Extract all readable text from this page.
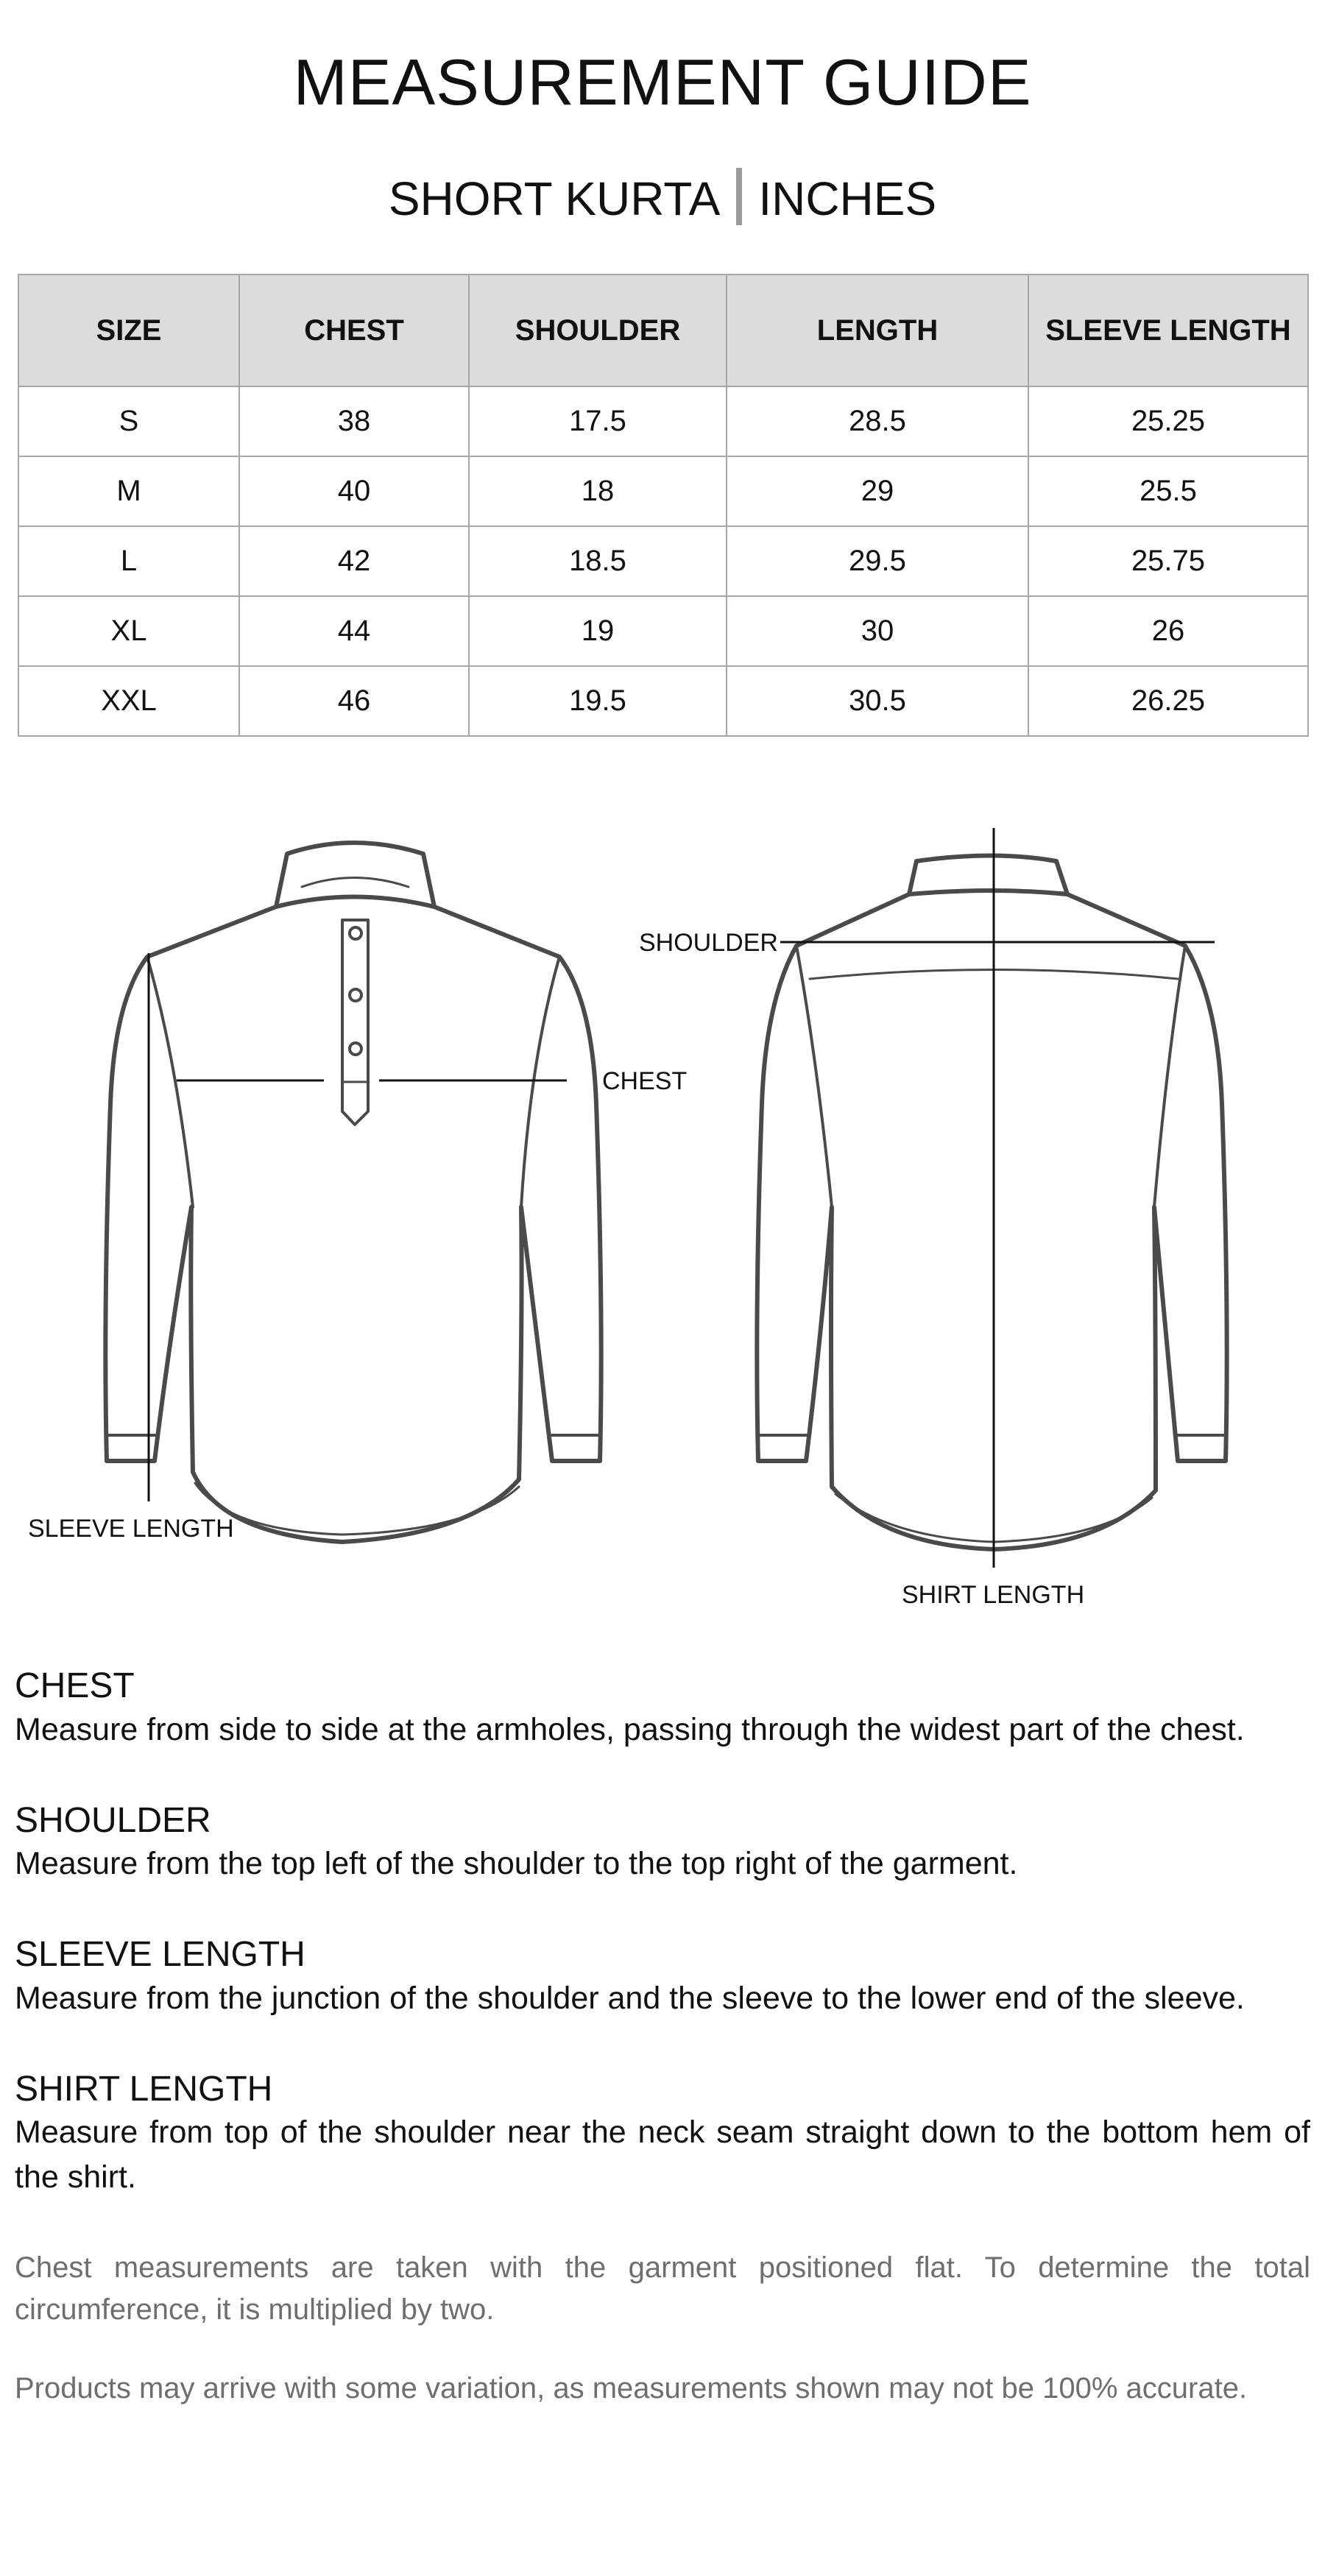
MEASUREMENT GUIDE
SHORT KURTA INCHES
SIZE	CHEST	SHOULDER	LENGTH	SLEEVE LENGTH
S	38	17.5	28.5	25.25
M	40	18	29	25.5
L	42	18.5	29.5	25.75
XL	44	19	30	26
XXL	46	19.5	30.5	26.25
CHEST
SLEEVE LENGTH
SHOULDER
SHIRT LENGTH
CHEST

Measure from side to side at the armholes, passing through the widest part of the chest.

SHOULDER

Measure from the top left of the shoulder to the top right of the garment.

SLEEVE LENGTH

Measure from the junction of the shoulder and the sleeve to the lower end of the sleeve.

SHIRT LENGTH

Measure from top of the shoulder near the neck seam straight down to the bottom hem of the shirt.

Chest measurements are taken with the garment positioned flat. To determine the total circumference, it is multiplied by two.

Products may arrive with some variation, as measurements shown may not be 100% accurate.
